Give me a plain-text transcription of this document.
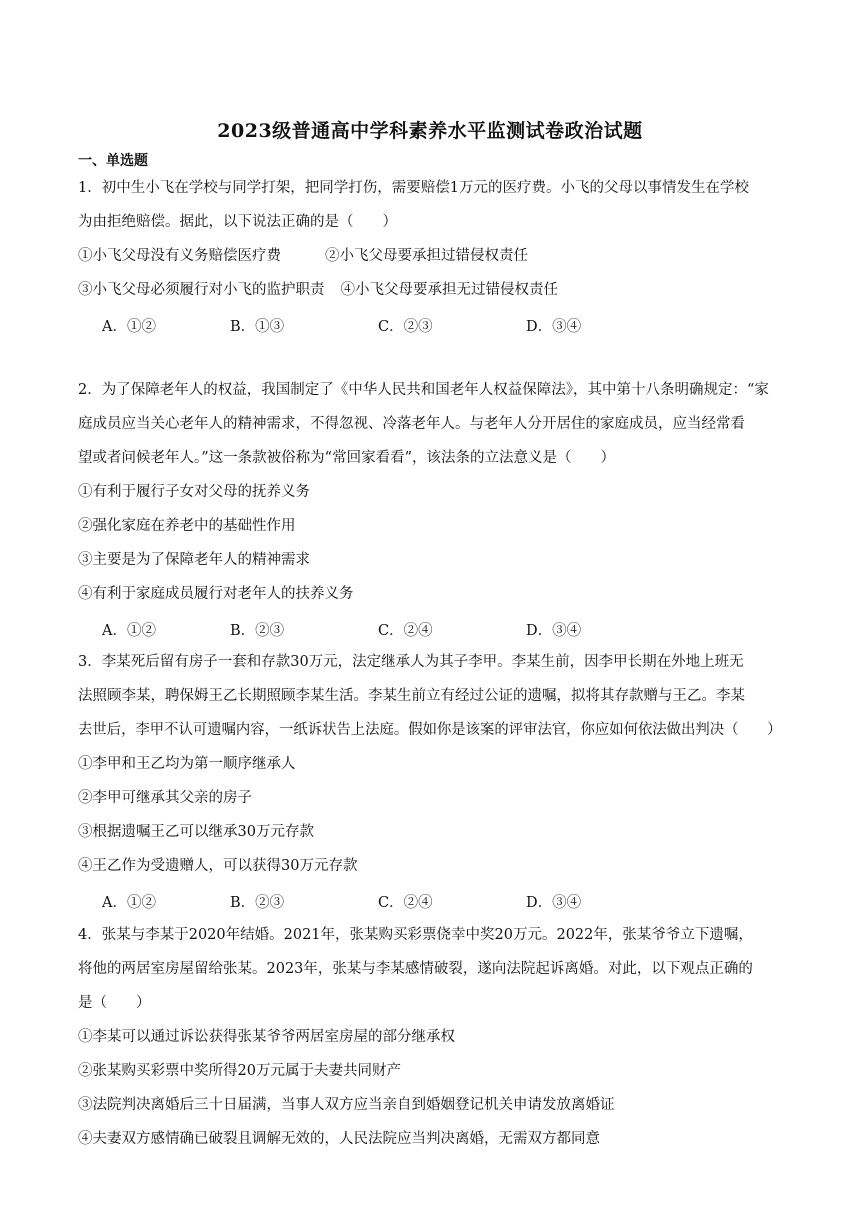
2023级普通高中学科素养水平监测试卷政治试题
一、单选题
1．初中生小飞在学校与同学打架，把同学打伤，需要赔偿1万元的医疗费。小飞的父母以事情发生在学校
为由拒绝赔偿。据此，以下说法正确的是（　　）
①小飞父母没有义务赔偿医疗费	②小飞父母要承担过错侵权责任
③小飞父母必须履行对小飞的监护职责 ④小飞父母要承担无过错侵权责任
A．①②	B．①③	C．②③	D．③④
2．为了保障老年人的权益，我国制定了《中华人民共和国老年人权益保障法》，其中第十八条明确规定：“家
庭成员应当关心老年人的精神需求，不得忽视、冷落老年人。与老年人分开居住的家庭成员，应当经常看
望或者问候老年人。”这一条款被俗称为“常回家看看”，该法条的立法意义是（　　）
①有利于履行子女对父母的抚养义务
②强化家庭在养老中的基础性作用
③主要是为了保障老年人的精神需求
④有利于家庭成员履行对老年人的扶养义务
A．①②	B．②③	C．②④	D．③④
3．李某死后留有房子一套和存款30万元，法定继承人为其子李甲。李某生前，因李甲长期在外地上班无
法照顾李某，聘保姆王乙长期照顾李某生活。李某生前立有经过公证的遗嘱，拟将其存款赠与王乙。李某
去世后，李甲不认可遗嘱内容，一纸诉状告上法庭。假如你是该案的评审法官，你应如何依法做出判决（　　）
①李甲和王乙均为第一顺序继承人
②李甲可继承其父亲的房子
③根据遗嘱王乙可以继承30万元存款
④王乙作为受遗赠人，可以获得30万元存款
A．①②	B．②③	C．②④	D．③④
4．张某与李某于2020年结婚。2021年，张某购买彩票侥幸中奖20万元。2022年，张某爷爷立下遗嘱，
将他的两居室房屋留给张某。2023年，张某与李某感情破裂，遂向法院起诉离婚。对此，以下观点正确的
是（　　）
①李某可以通过诉讼获得张某爷爷两居室房屋的部分继承权
②张某购买彩票中奖所得20万元属于夫妻共同财产
③法院判决离婚后三十日届满，当事人双方应当亲自到婚姻登记机关申请发放离婚证
④夫妻双方感情确已破裂且调解无效的，人民法院应当判决离婚，无需双方都同意
